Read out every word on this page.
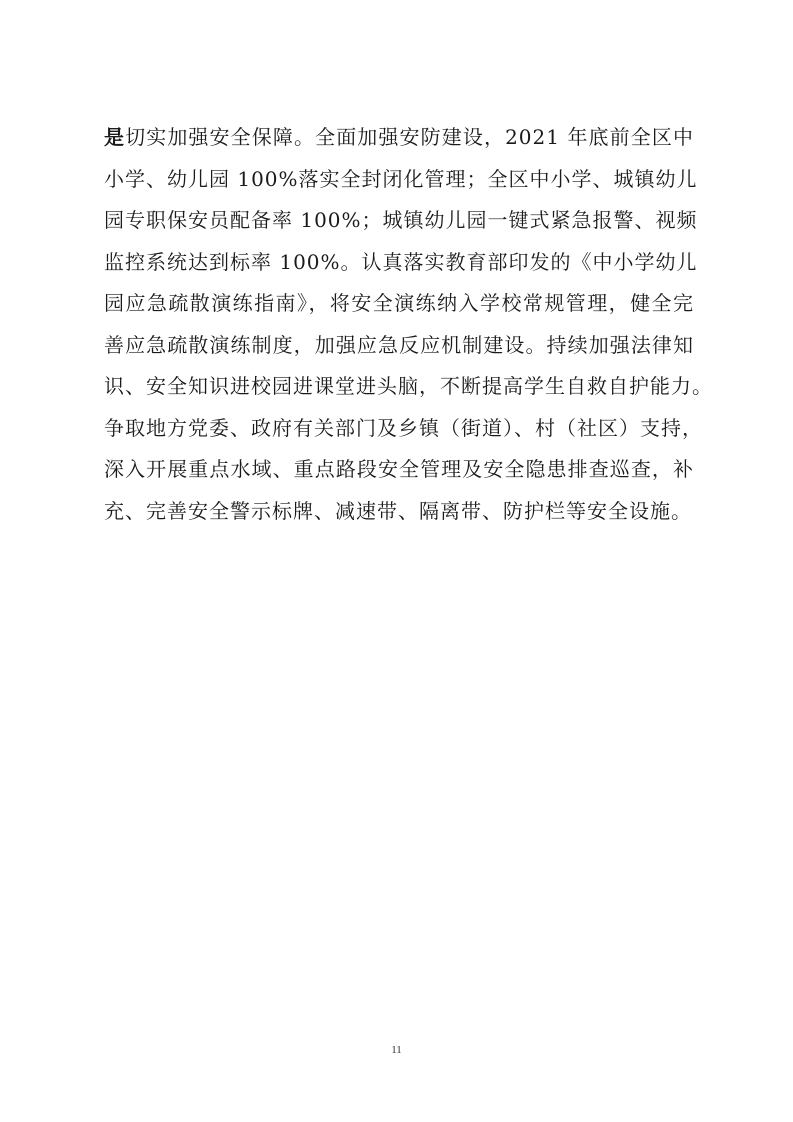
是切实加强安全保障。全面加强安防建设，2021 年底前全区中
小学、幼儿园 100%落实全封闭化管理；全区中小学、城镇幼儿
园专职保安员配备率 100%；城镇幼儿园一键式紧急报警、视频
监控系统达到标率 100%。认真落实教育部印发的《中小学幼儿
园应急疏散演练指南》，将安全演练纳入学校常规管理，健全完
善应急疏散演练制度，加强应急反应机制建设。持续加强法律知
识、安全知识进校园进课堂进头脑，不断提高学生自救自护能力。
争取地方党委、政府有关部门及乡镇（街道）、村（社区）支持，
深入开展重点水域、重点路段安全管理及安全隐患排查巡查，补
充、完善安全警示标牌、减速带、隔离带、防护栏等安全设施。
11
